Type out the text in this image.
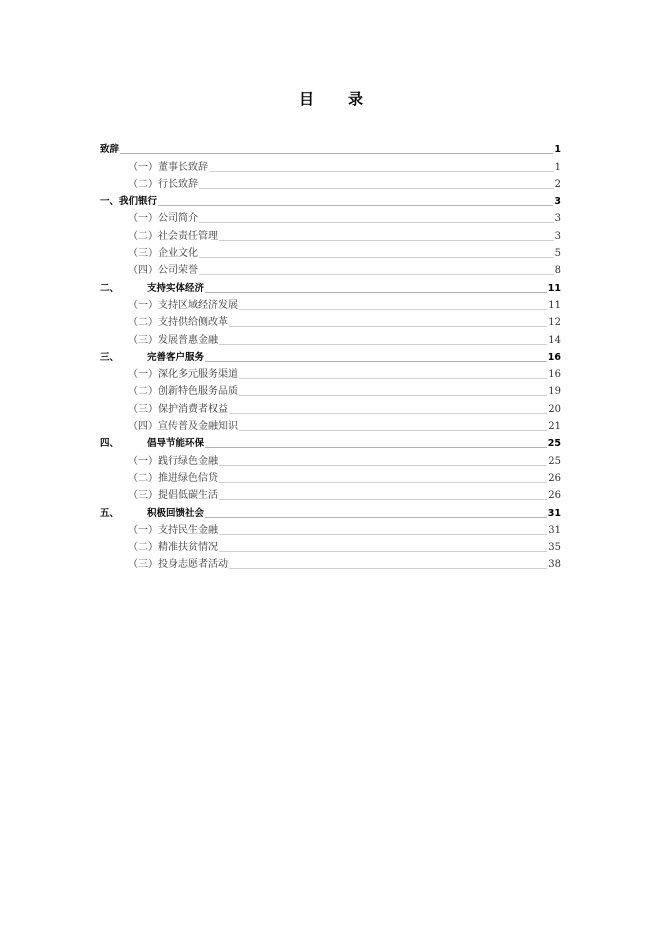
目 录
致辞	1
（一）董事长致辞	1
（二）行长致辞	2
一、我们银行	3
（一）公司简介	3
（二）社会责任管理	3
（三）企业文化	5
（四）公司荣誉	8
二、	支持实体经济	11
（一）支持区域经济发展	11
（二）支持供给侧改革	12
（三）发展普惠金融	14
三、	完善客户服务	16
（一）深化多元服务渠道	16
（二）创新特色服务品质	19
（三）保护消费者权益	20
（四）宣传普及金融知识	21
四、	倡导节能环保	25
（一）践行绿色金融	25
（二）推进绿色信贷	26
（三）提倡低碳生活	26
五、	积极回馈社会	31
（一）支持民生金融	31
（二）精准扶贫情况	35
（三）投身志愿者活动	38
